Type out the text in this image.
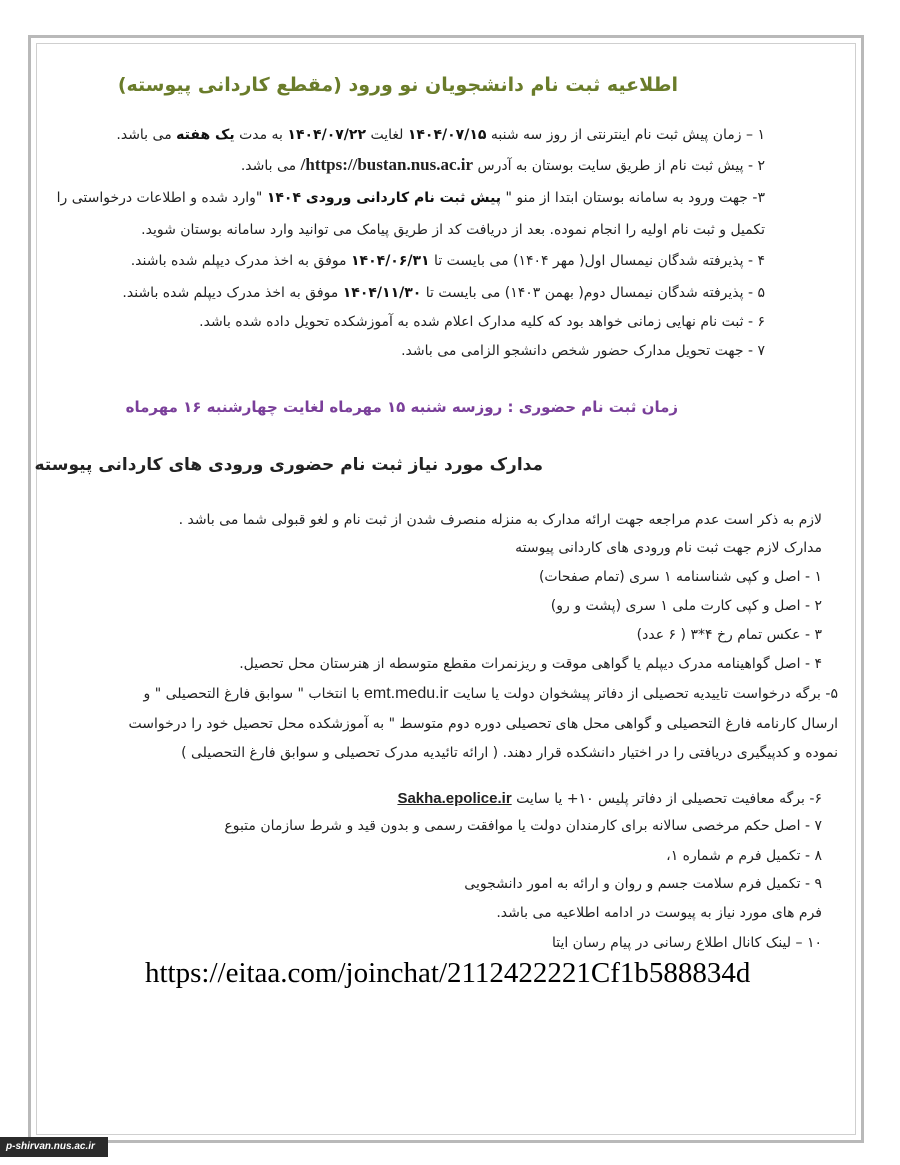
اطلاعیه ثبت نام دانشجویان نو ورود (مقطع کاردانی پیوسته)
۱ – زمان پیش ثبت نام اینترنتی از روز سه شنبه ۱۴۰۴/۰۷/۱۵ لغایت ۱۴۰۴/۰۷/۲۲ به مدت یک هفته می باشد.
۲ - پیش ثبت نام از طریق سایت بوستان به آدرس https://bustan.nus.ac.ir/ می باشد.
۳- جهت ورود به سامانه بوستان ابتدا از منو " پیش ثبت نام کاردانی ورودی ۱۴۰۴ "وارد شده و اطلاعات درخواستی را
تکمیل و ثبت نام اولیه را انجام نموده. بعد از دریافت کد از طریق پیامک می توانید وارد سامانه بوستان شوید.
۴ - پذیرفته شدگان نیمسال اول( مهر ۱۴۰۴) می بایست تا ۱۴۰۴/۰۶/۳۱ موفق به اخذ مدرک دیپلم شده باشند.
۵ - پذیرفته شدگان نیمسال دوم( بهمن ۱۴۰۳) می بایست تا ۱۴۰۴/۱۱/۳۰ موفق به اخذ مدرک دیپلم شده باشند.
۶ - ثبت نام نهایی زمانی خواهد بود که کلیه مدارک اعلام شده به آموزشکده تحویل داده شده باشد.
۷ - جهت تحویل مدارک حضور شخص دانشجو الزامی می باشد.
زمان ثبت نام حضوری : روزسه شنبه ۱۵ مهرماه لغایت چهارشنبه ۱۶ مهرماه
مدارک مورد نیاز ثبت نام حضوری ورودی های کاردانی پیوسته
لازم به ذکر است عدم مراجعه جهت ارائه مدارک به منزله منصرف شدن از ثبت نام و لغو قبولی شما می باشد .
مدارک لازم جهت ثبت نام ورودی های کاردانی پیوسته
۱ - اصل و کپی شناسنامه ۱ سری (تمام صفحات)
۲ - اصل و کپی کارت ملی ۱ سری (پشت و رو)
۳ - عکس تمام رخ ۴*۳ ( ۶ عدد)
۴ - اصل گواهینامه مدرک دیپلم یا گواهی موقت و ریزنمرات مقطع متوسطه از هنرستان محل تحصیل.
۵- برگه درخواست تاییدیه تحصیلی از دفاتر پیشخوان دولت یا سایت emt.medu.ir با انتخاب " سوابق فارغ التحصیلی " و
ارسال کارنامه فارغ التحصیلی و گواهی محل های تحصیلی دوره دوم متوسط " به آموزشکده محل تحصیل خود را درخواست
نموده و کدپیگیری دریافتی را در اختیار دانشکده قرار دهند. ( ارائه تائیدیه مدرک تحصیلی و سوابق فارغ التحصیلی )
۶- برگه معافیت تحصیلی از دفاتر پلیس ۱۰+ یا سایت Sakha.epolice.ir
۷ - اصل حکم مرخصی سالانه برای کارمندان دولت یا موافقت رسمی و بدون قید و شرط سازمان متبوع
۸ - تکمیل فرم م شماره ۱،
۹ - تکمیل فرم سلامت جسم و روان و ارائه به امور دانشجویی
فرم های مورد نیاز به پیوست در ادامه اطلاعیه می باشد.
۱۰ – لینک کانال اطلاع رسانی در پیام رسان ایتا
https://eitaa.com/joinchat/2112422221Cf1b588834d
p-shirvan.nus.ac.ir
